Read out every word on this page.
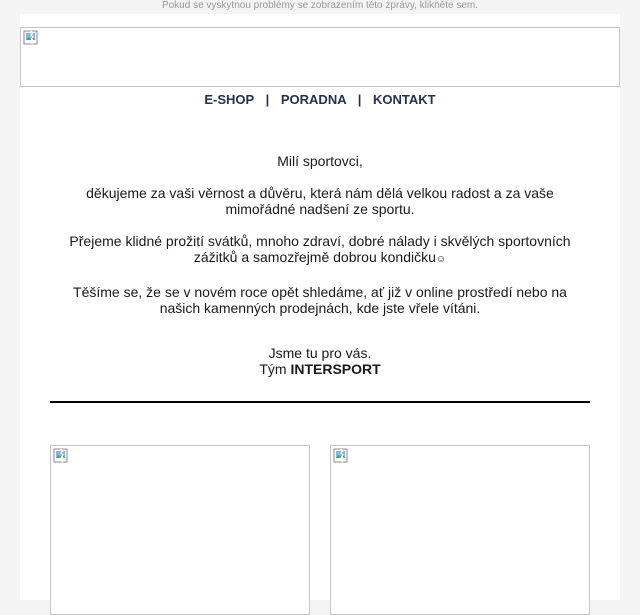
Pokud se vyskytnou problémy se zobrazením této zprávy, klikněte sem.
E-SHOP | PORADNA | KONTAKT

Milí sportovci,

děkujeme za vaši věrnost a důvěru, která nám dělá velkou radost a za vaše mimořádné nadšení ze sportu.

Přejeme klidné prožití svátků, mnoho zdraví, dobré nálady i skvělých sportovních zážitků a samozřejmě dobrou kondičku☺

Těšíme se, že se v novém roce opět shledáme, ať již v online prostředí nebo na našich kamenných prodejnách, kde jste vřele vítáni.

Jsme tu pro vás.
Tým INTERSPORT
